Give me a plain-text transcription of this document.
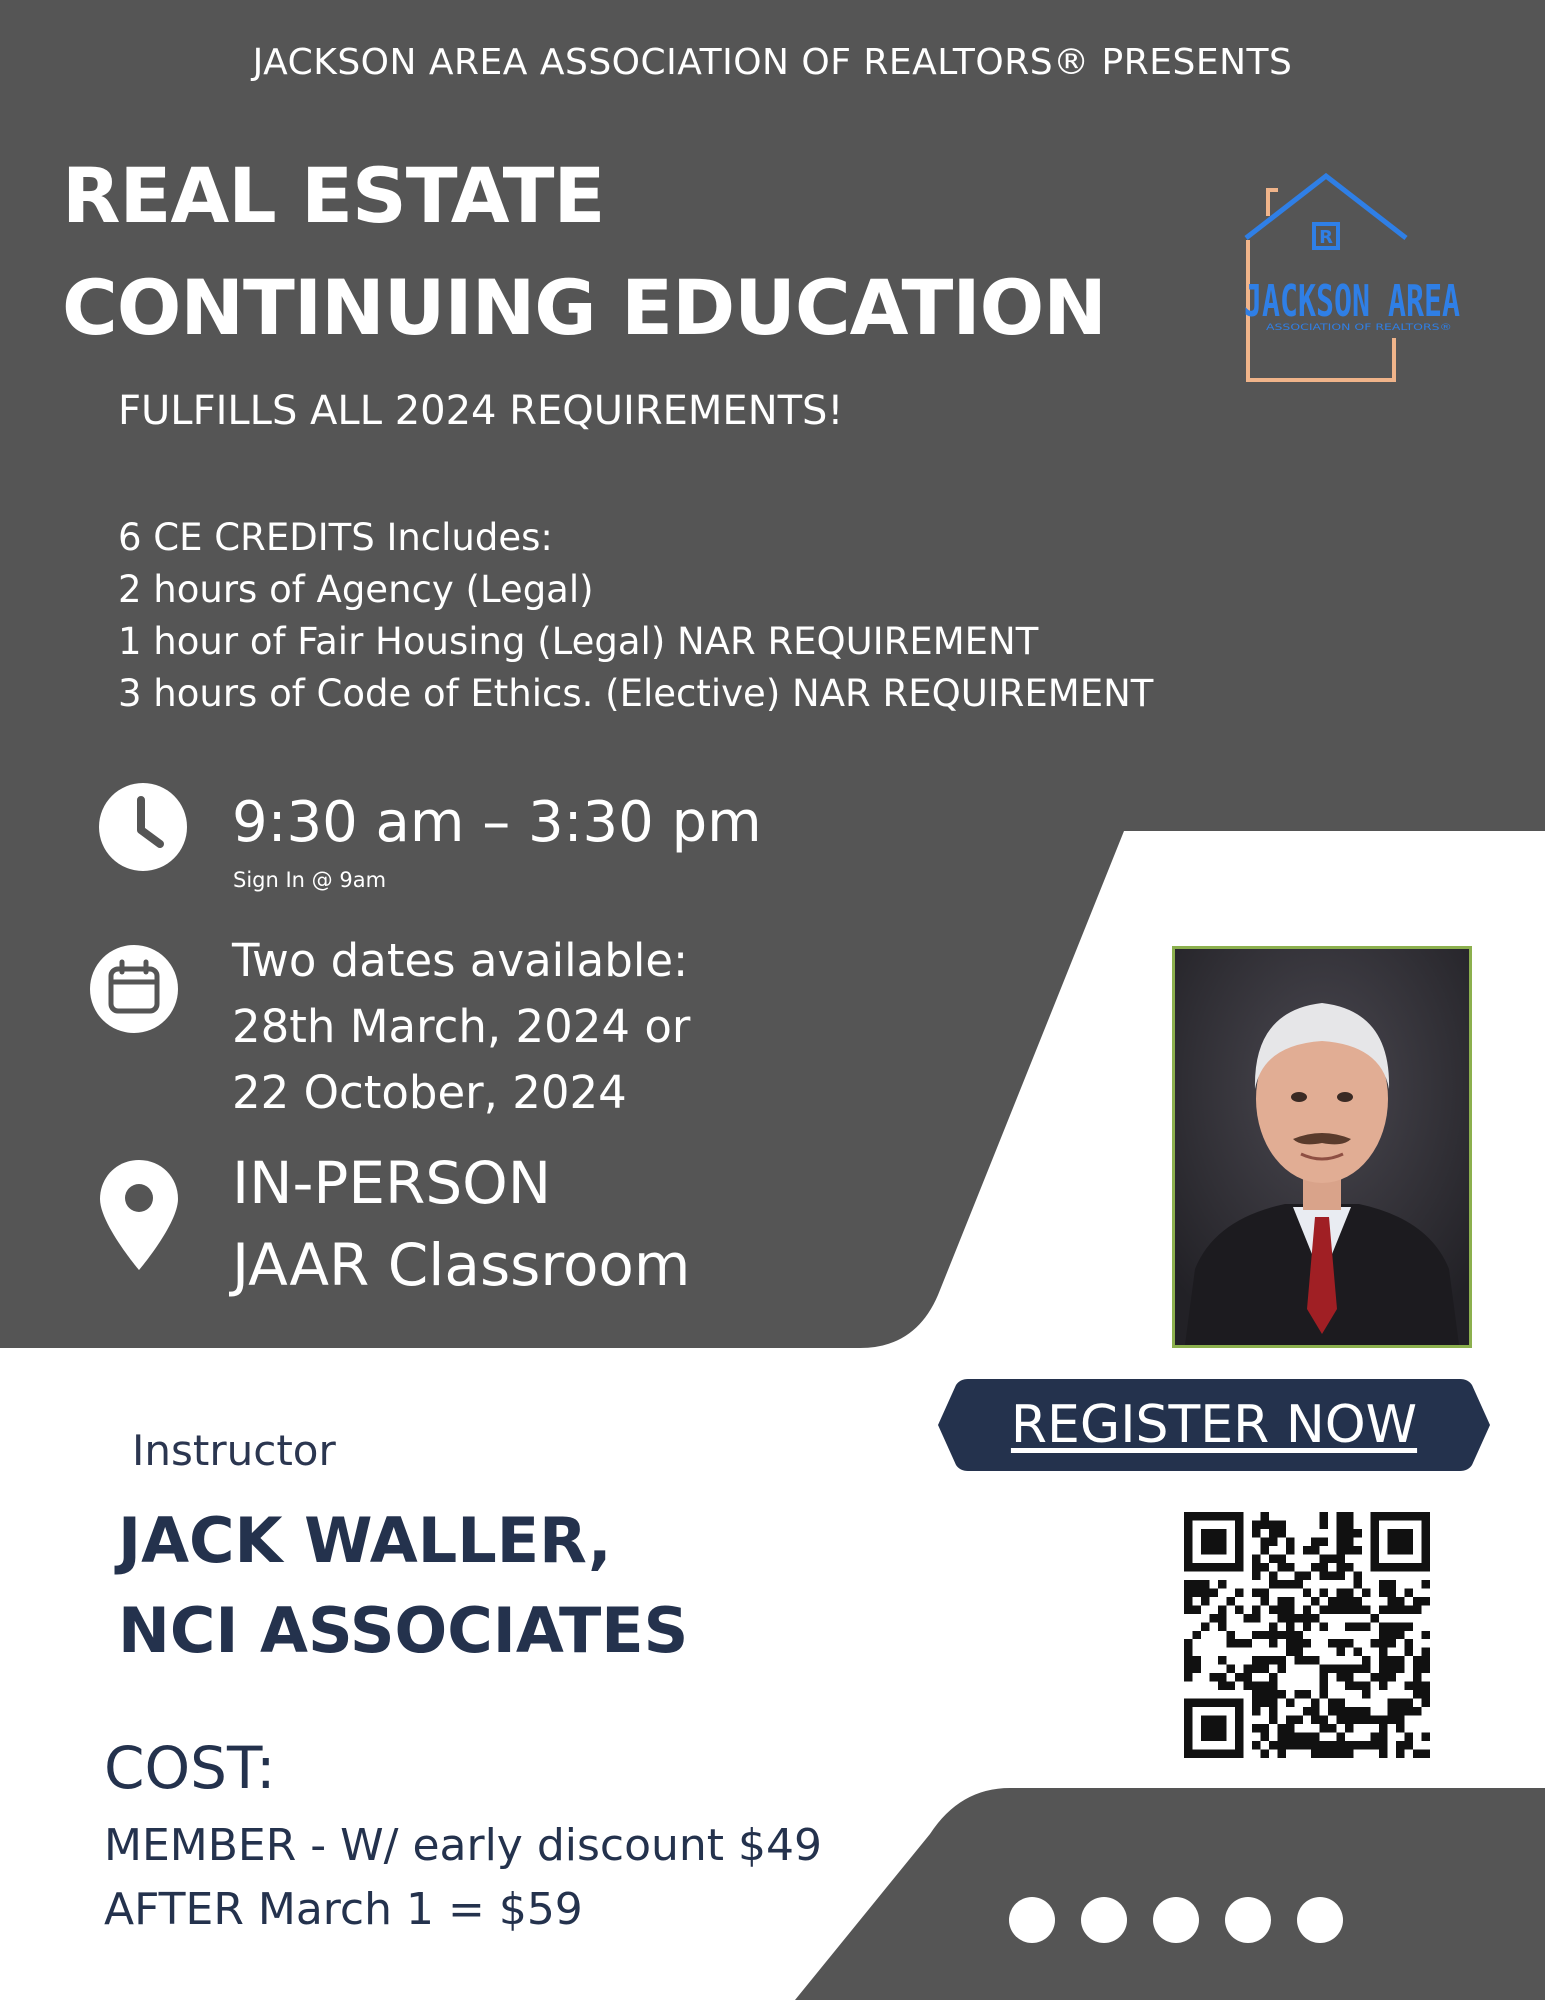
JACKSON AREA ASSOCIATION OF REALTORS® PRESENTS
REAL ESTATE
CONTINUING EDUCATION
R
JACKSON AREA
ASSOCIATION OF REALTORS®
FULFILLS ALL 2024 REQUIREMENTS!
6 CE CREDITS Includes:
2 hours of Agency (Legal)
1 hour of Fair Housing (Legal) NAR REQUIREMENT
3 hours of Code of Ethics. (Elective) NAR REQUIREMENT
9:30 am – 3:30 pm
Sign In @ 9am
Two dates available:
28th March, 2024 or
22 October, 2024
IN-PERSON
JAAR Classroom
REGISTER NOW
Instructor
JACK WALLER,
NCI ASSOCIATES
COST:
MEMBER - W/ early discount $49
AFTER March 1 = $59
